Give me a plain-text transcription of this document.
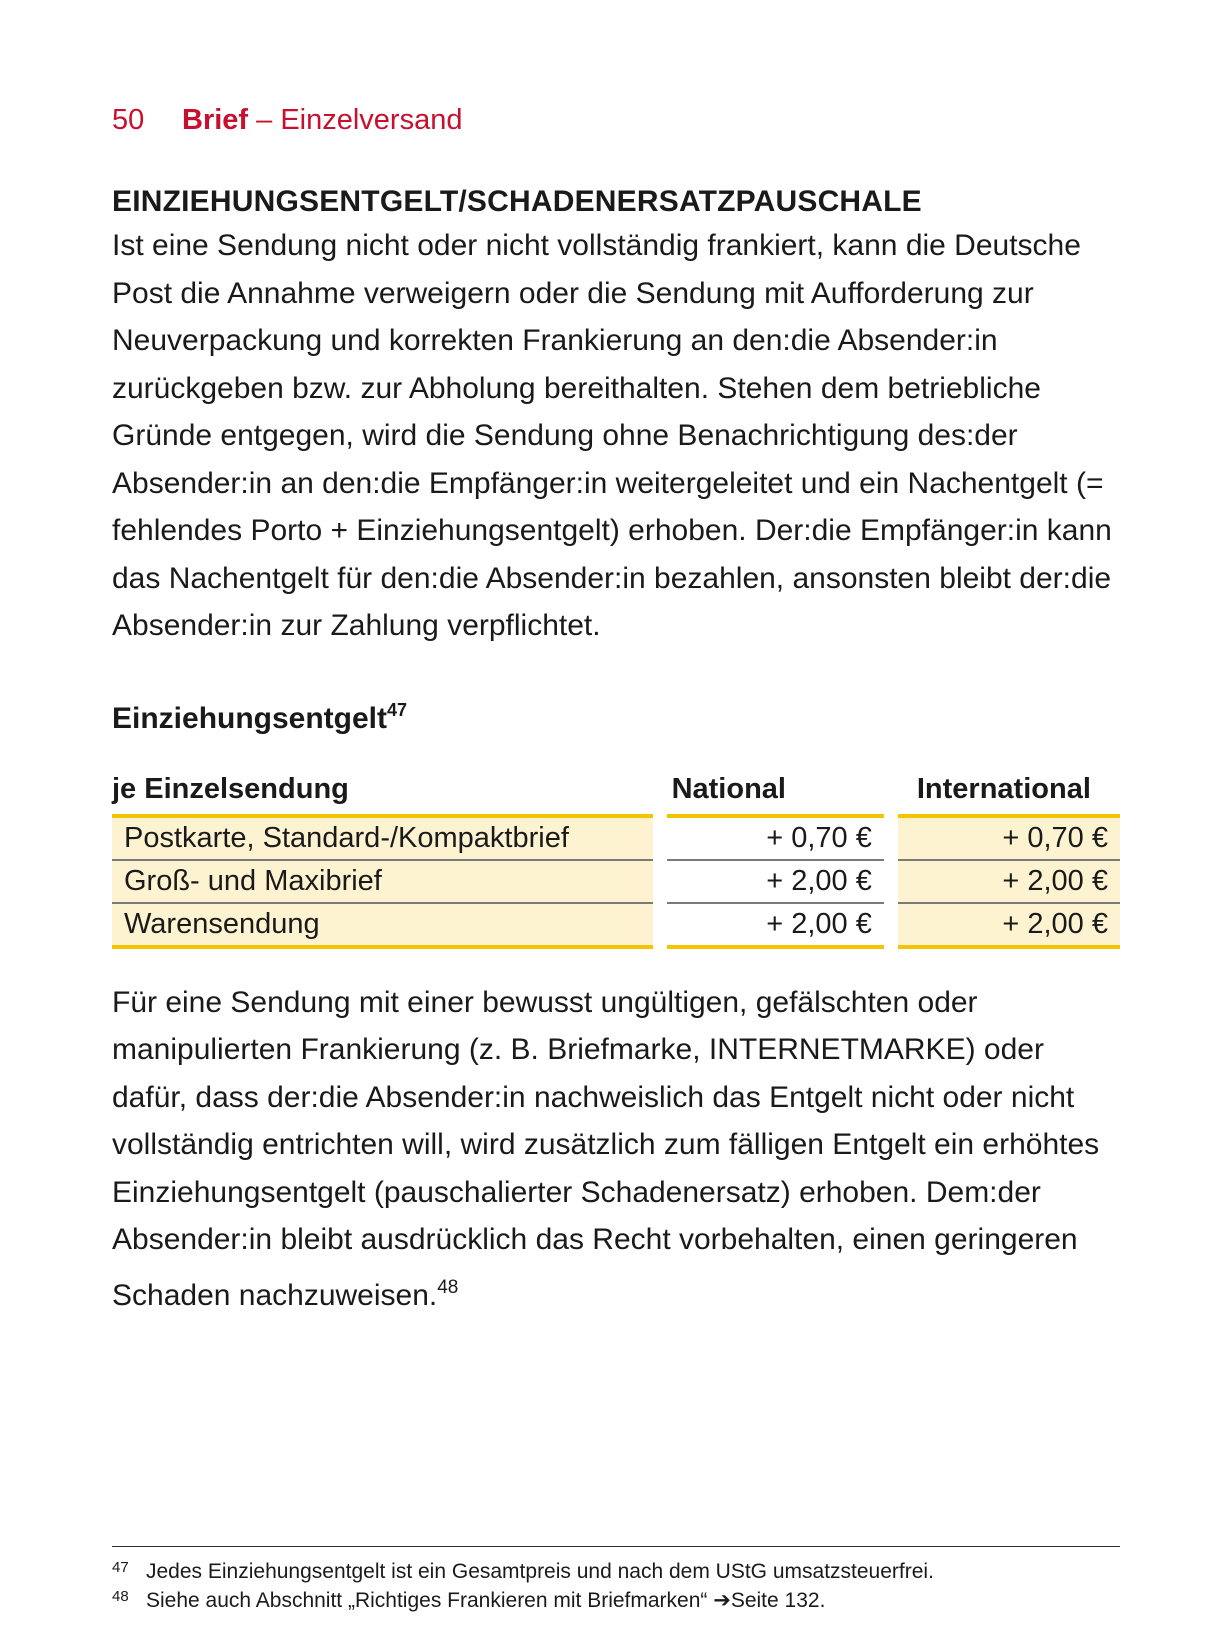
50 Brief – Einzelversand
EINZIEHUNGSENTGELT/SCHADENERSATZPAUSCHALE

Ist eine Sendung nicht oder nicht vollständig frankiert, kann die Deutsche Post die Annahme verweigern oder die Sendung mit Aufforderung zur Neuverpackung und korrekten Frankierung an den:die Absender:in zurückgeben bzw. zur Abholung bereithalten. Stehen dem betriebliche Gründe entgegen, wird die Sendung ohne Benachrichtigung des:der Absender:in an den:die Empfänger:in weitergeleitet und ein Nachentgelt (= fehlendes Porto + Einziehungsentgelt) erhoben. Der:die Empfänger:in kann das Nachentgelt für den:die Absender:in bezahlen, ansonsten bleibt der:die Absender:in zur Zahlung verpflichtet.

Einziehungsentgelt$^{47}$
je Einzelsendung	National	International
Postkarte, Standard-/Kompaktbrief	+ 0,70 €	+ 0,70 €
Groß- und Maxibrief	+ 2,00 €	+ 2,00 €
Warensendung	+ 2,00 €	+ 2,00 €

Für eine Sendung mit einer bewusst ungültigen, gefälschten oder manipulierten Frankierung (z. B. Briefmarke, INTERNETMARKE) oder dafür, dass der:die Absender:in nachweislich das Entgelt nicht oder nicht vollständig entrichten will, wird zusätzlich zum fälligen Entgelt ein erhöhtes Einziehungsentgelt (pauschalierter Schadenersatz) erhoben. Dem:der Absender:in bleibt ausdrücklich das Recht vorbehalten, einen geringeren Schaden nachzuweisen.$^{48}$

47 Jedes Einziehungsentgelt ist ein Gesamtpreis und nach dem UStG umsatzsteuerfrei.
48 Siehe auch Abschnitt „Richtiges Frankieren mit Briefmarken“ ➔Seite 132.
